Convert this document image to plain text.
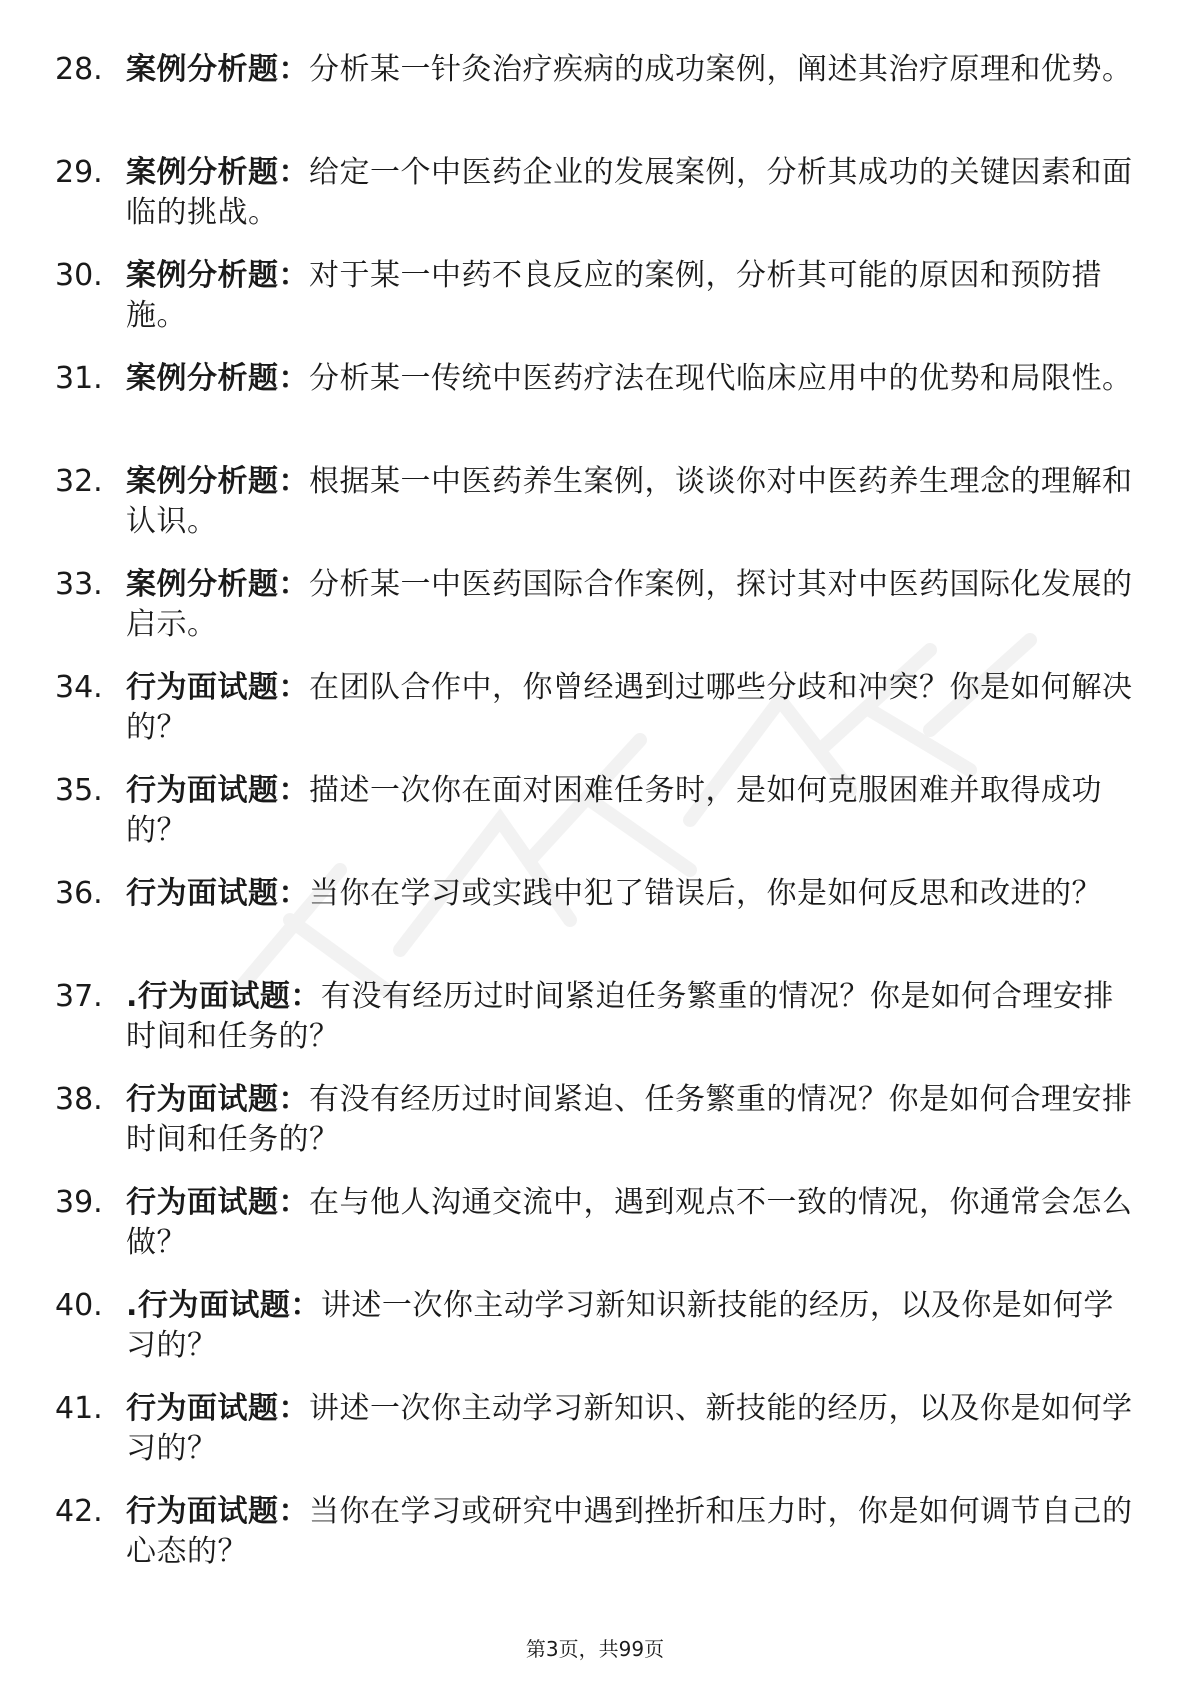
28. 案例分析题：分析某一针灸治疗疾病的成功案例，阐述其治疗原理和优势。
29. 案例分析题：给定一个中医药企业的发展案例，分析其成功的关键因素和面临的挑战。
30. 案例分析题：对于某一中药不良反应的案例，分析其可能的原因和预防措施。
31. 案例分析题：分析某一传统中医药疗法在现代临床应用中的优势和局限性。
32. 案例分析题：根据某一中医药养生案例，谈谈你对中医药养生理念的理解和认识。
33. 案例分析题：分析某一中医药国际合作案例，探讨其对中医药国际化发展的启示。
34. 行为面试题：在团队合作中，你曾经遇到过哪些分歧和冲突？你是如何解决的？
35. 行为面试题：描述一次你在面对困难任务时，是如何克服困难并取得成功的？
36. 行为面试题：当你在学习或实践中犯了错误后，你是如何反思和改进的？
37. .行为面试题：有没有经历过时间紧迫任务繁重的情况？你是如何合理安排时间和任务的？
38. 行为面试题：有没有经历过时间紧迫、任务繁重的情况？你是如何合理安排时间和任务的？
39. 行为面试题：在与他人沟通交流中，遇到观点不一致的情况，你通常会怎么做？
40. .行为面试题：讲述一次你主动学习新知识新技能的经历，以及你是如何学习的？
41. 行为面试题：讲述一次你主动学习新知识、新技能的经历，以及你是如何学习的？
42. 行为面试题：当你在学习或研究中遇到挫折和压力时，你是如何调节自己的心态的？
第3页，共99页
